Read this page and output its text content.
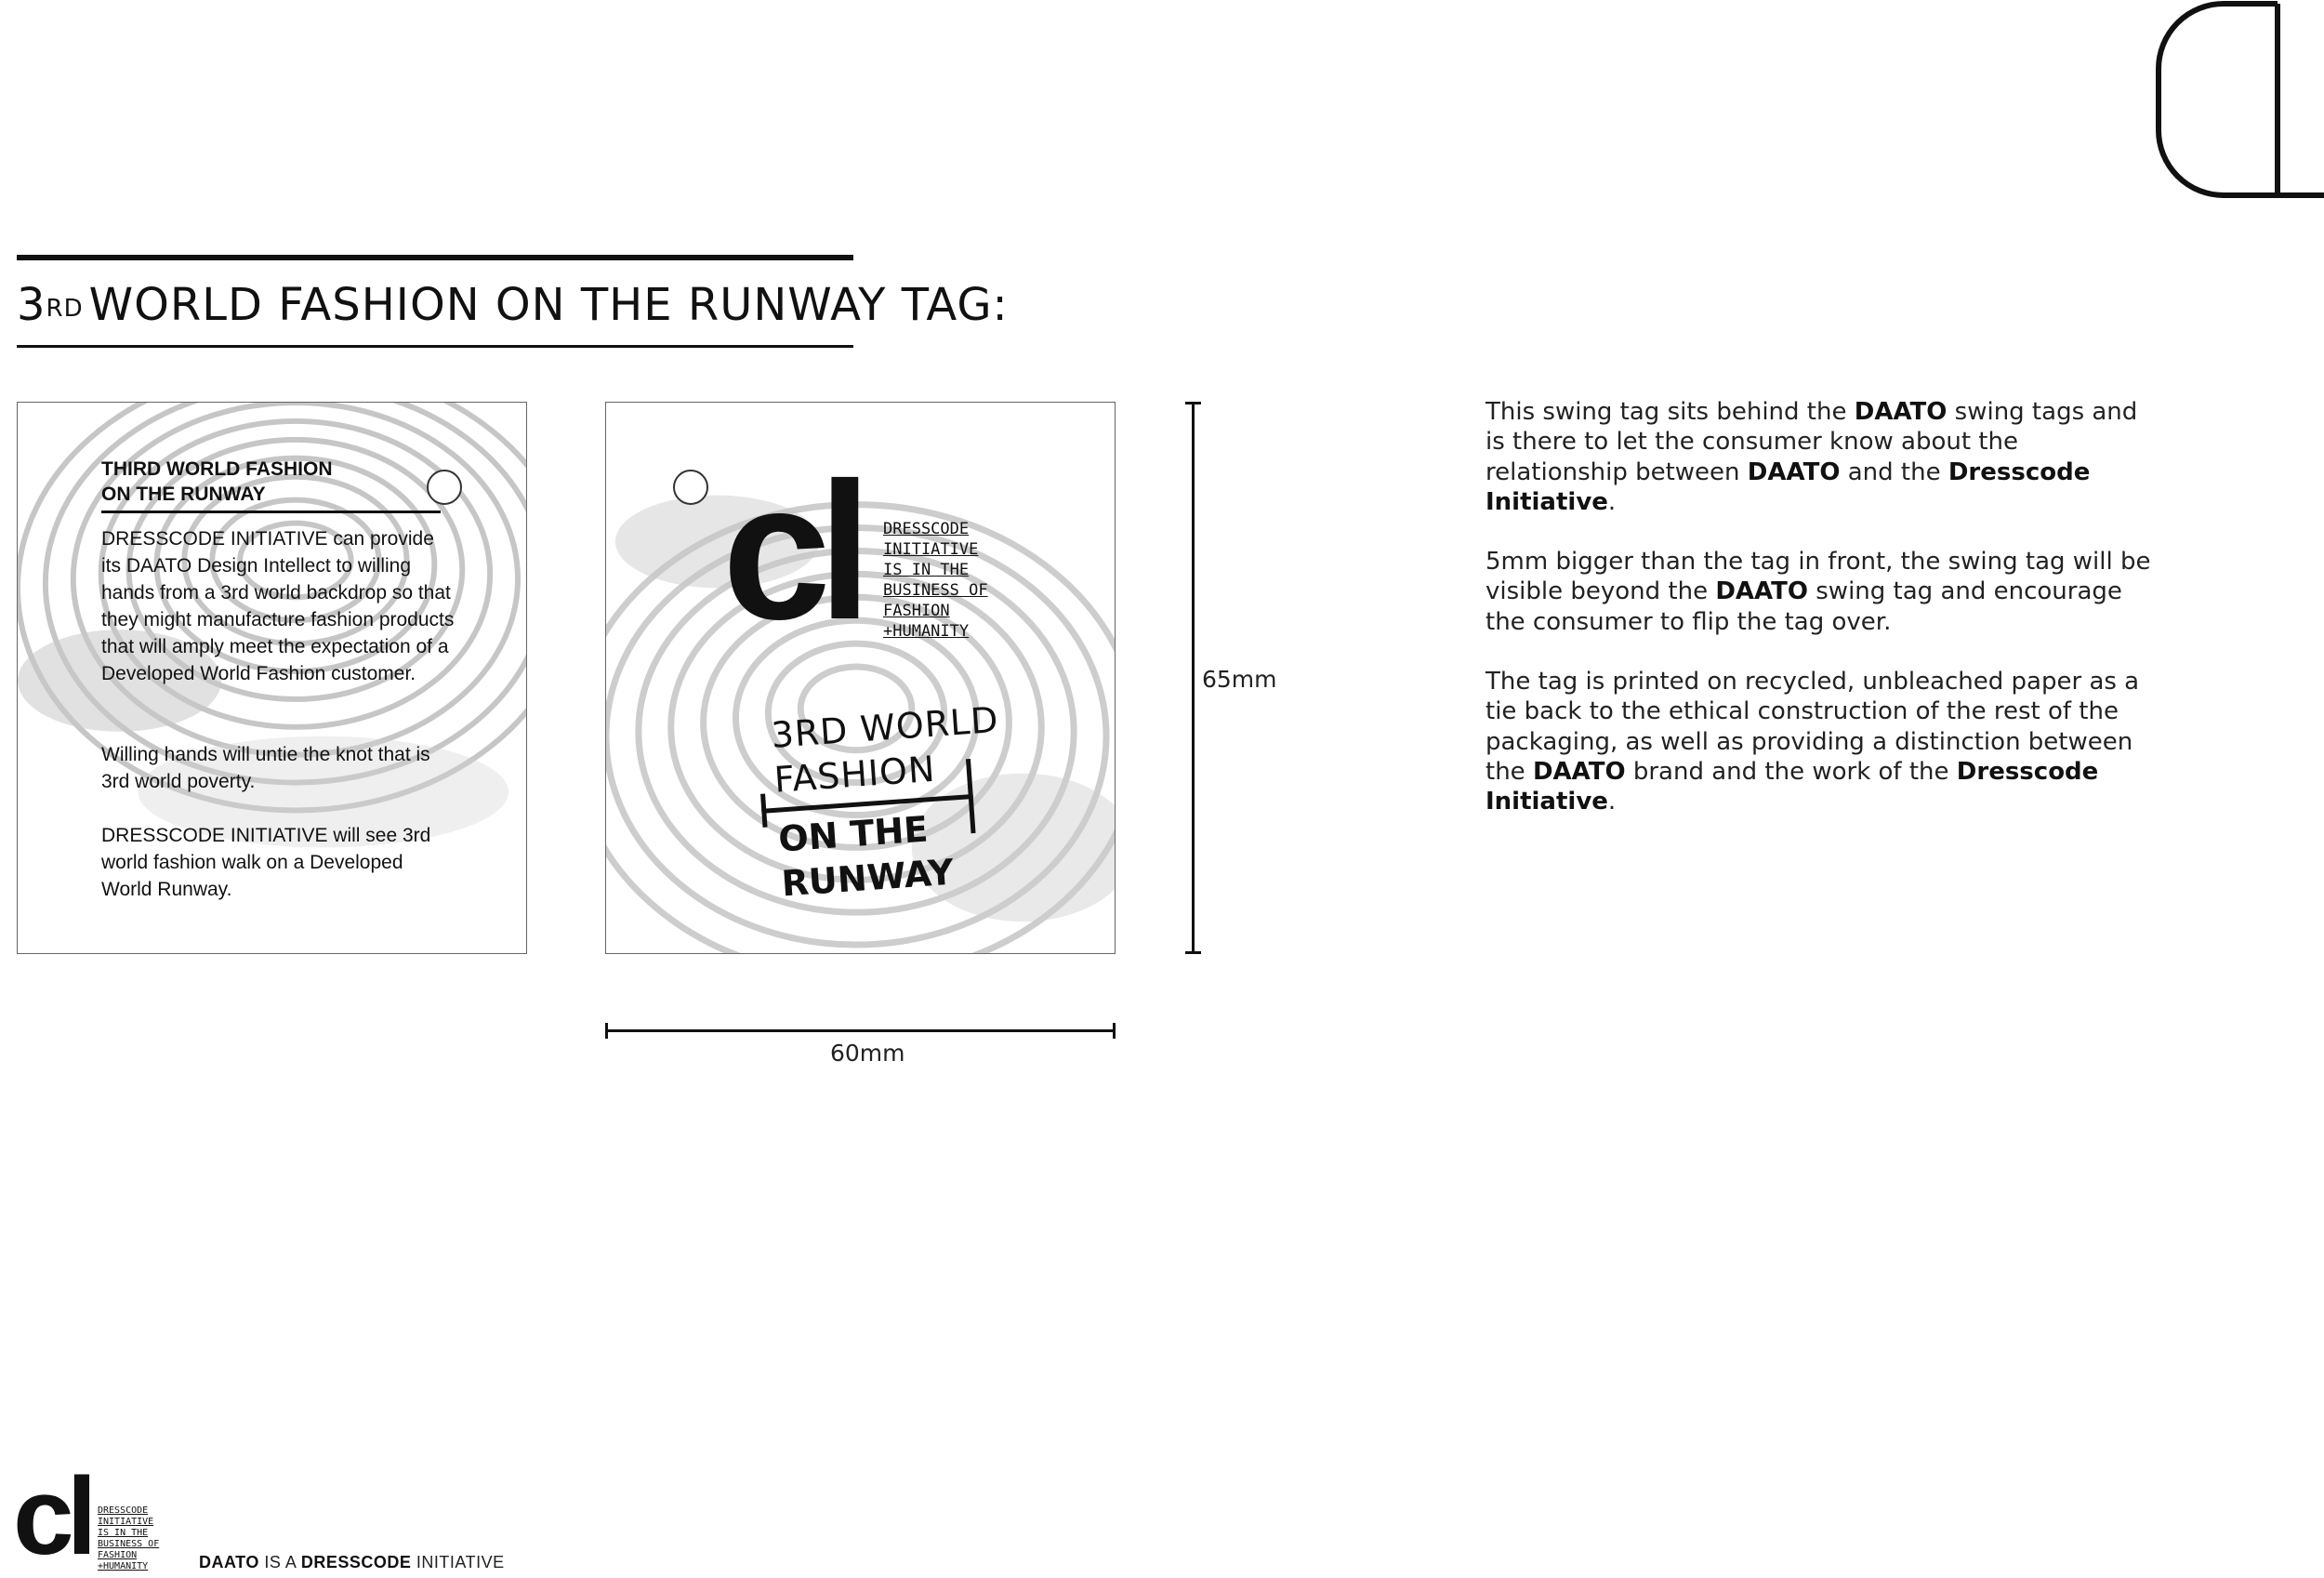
3RD WORLD FASHION ON THE RUNWAY TAG:
THIRD WORLD FASHION
ON THE RUNWAY
DRESSCODE INITIATIVE can provide its DAATO Design Intellect to willing hands from a 3rd world backdrop so that they might manufacture fashion products that will amply meet the expectation of a Developed World Fashion customer.
Willing hands will untie the knot that is 3rd world poverty.
DRESSCODE INITIATIVE will see 3rd world fashion walk on a Developed World Runway.
cl DRESSCODE
INITIATIVE
IS IN THE
BUSINESS OF
FASHION
+HUMANITY
3RD WORLD
FASHION
ON THE
RUNWAY
65mm
60mm

This swing tag sits behind the DAATO swing tags and is there to let the consumer know about the relationship between DAATO and the Dresscode Initiative.

5mm bigger than the tag in front, the swing tag will be visible beyond the DAATO swing tag and encourage the consumer to flip the tag over.

The tag is printed on recycled, unbleached paper as a tie back to the ethical construction of the rest of the packaging, as well as providing a distinction between the DAATO brand and the work of the Dresscode Initiative.

cl DRESSCODE
INITIATIVE
IS IN THE
BUSINESS OF
FASHION
+HUMANITY	DAATO IS A DRESSCODE INITIATIVE
